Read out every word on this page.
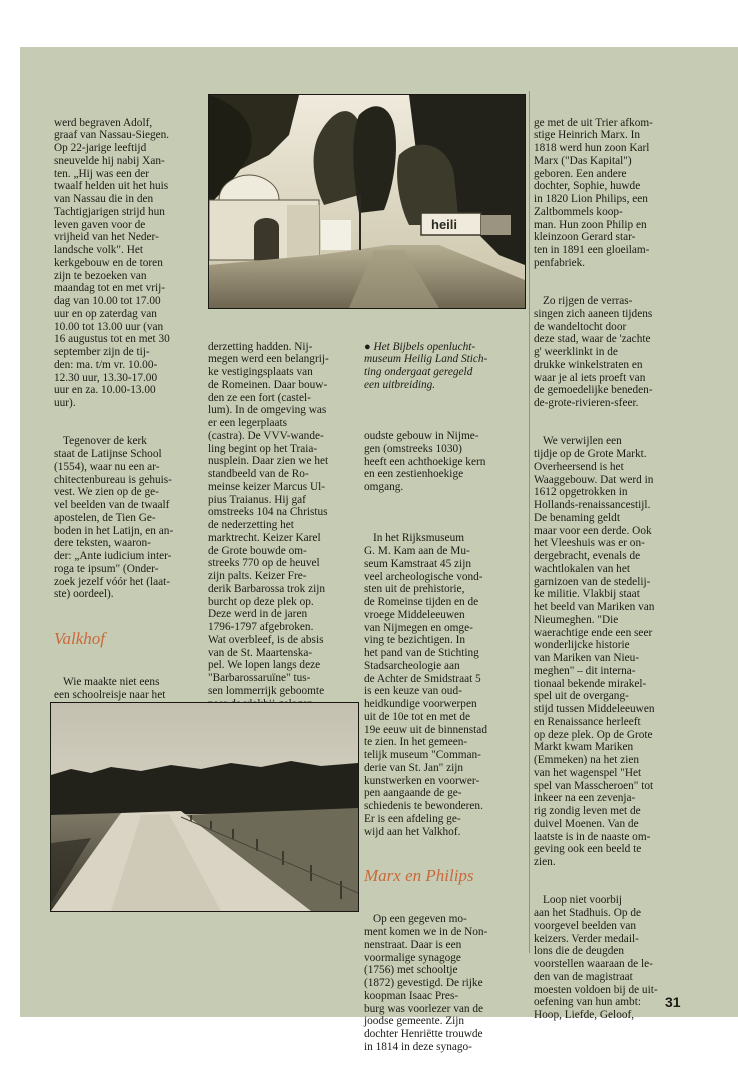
werd begraven Adolf,
graaf van Nassau-Siegen.
Op 22-jarige leeftijd
sneuvelde hij nabij Xan-
ten. „Hij was een der
twaalf helden uit het huis
van Nassau die in den
Tachtigjarigen strijd hun
leven gaven voor de
vrijheid van het Neder-
landsche volk". Het
kerkgebouw en de toren
zijn te bezoeken van
maandag tot en met vrij-
dag van 10.00 tot 17.00
uur en op zaterdag van
10.00 tot 13.00 uur (van
16 augustus tot en met 30
september zijn de tij-
den: ma. t/m vr. 10.00-
12.30 uur, 13.30-17.00
uur en za. 10.00-13.00
uur).

Tegenover de kerk
staat de Latijnse School
(1554), waar nu een ar-
chitectenbureau is gehuis-
vest. We zien op de ge-
vel beelden van de twaalf
apostelen, de Tien Ge-
boden in het Latijn, en an-
dere teksten, waaron-
der: „Ante iudicium inter-
roga te ipsum" (Onder-
zoek jezelf vóór het (laat-
ste) oordeel).

Valkhof

Wie maakte niet eens
een schoolreisje naar het

heili

derzetting hadden. Nij-
megen werd een belangrij-
ke vestigingsplaats van
de Romeinen. Daar bouw-
den ze een fort (castel-
lum). In de omgeving was
er een legerplaats
(castra). De VVV-wande-
ling begint op het Traia-
nusplein. Daar zien we het
standbeeld van de Ro-
meinse keizer Marcus Ul-
pius Traianus. Hij gaf
omstreeks 104 na Christus
de nederzetting het
marktrecht. Keizer Karel
de Grote bouwde om-
streeks 770 op de heuvel
zijn palts. Keizer Fre-
derik Barbarossa trok zijn
burcht op deze plek op.
Deze werd in de jaren
1796-1797 afgebroken.
Wat overbleef, is de absis
van de St. Maartenska-
pel. We lopen langs deze
"Barbarossaruïne" tus-
sen lommerrijk geboomte

● Het Bijbels openlucht-
museum Heilig Land Stich-
ting ondergaat geregeld
een uitbreiding.

oudste gebouw in Nijme-
gen (omstreeks 1030)
heeft een achthoekige kern
en een zestienhoekige
omgang.

In het Rijksmuseum
G. M. Kam aan de Mu-
seum Kamstraat 45 zijn
veel archeologische vond-
sten uit de prehistorie,
de Romeinse tijden en de
vroege Middeleeuwen
van Nijmegen en omge-
ving te bezichtigen. In
het pand van de Stichting
Stadsarcheologie aan
de Achter de Smidstraat 5
is een keuze van oud-
heidkundige voorwerpen
uit de 10e tot en met de
19e eeuw uit de binnenstad
te zien. In het gemeen-
telijk museum "Comman-
derie van St. Jan" zijn
kunstwerken en voorwer-
pen aangaande de ge-
schiedenis te bewonderen.
Er is een afdeling ge-
wijd aan het Valkhof.

Marx en Philips

Op een gegeven mo-
ment komen we in de Non-
nenstraat. Daar is een
voormalige synagoge
(1756) met schooltje
(1872) gevestigd. De rijke
koopman Isaac Pres-
burg was voorlezer van de
joodse gemeente. Zijn
dochter Henriëtte trouwde
in 1814 in deze synago-

ge met de uit Trier afkom-
stige Heinrich Marx. In
1818 werd hun zoon Karl
Marx ("Das Kapital")
geboren. Een andere
dochter, Sophie, huwde
in 1820 Lion Philips, een
Zaltbommels koop-
man. Hun zoon Philip en
kleinzoon Gerard star-
ten in 1891 een gloeilam-
penfabriek.

Zo rijgen de verras-
singen zich aaneen tijdens
de wandeltocht door
deze stad, waar de 'zachte
g' weerklinkt in de
drukke winkelstraten en
waar je al iets proeft van
de gemoedelijke beneden-
de-grote-rivieren-sfeer.

We verwijlen een
tijdje op de Grote Markt.
Overheersend is het
Waaggebouw. Dat werd in
1612 opgetrokken in
Hollands-renaissancestijl.
De benaming geldt
maar voor een derde. Ook
het Vleeshuis was er on-
dergebracht, evenals de
wachtlokalen van het
garnizoen van de stedelij-
ke militie. Vlakbij staat
het beeld van Mariken van
Nieumeghen. "Die
waerachtige ende een seer
wonderlijcke historie
van Mariken van Nieu-
meghen" – dit interna-
tionaal bekende mirakel-
spel uit de overgang-
stijd tussen Middeleeuwen
en Renaissance herleeft
op deze plek. Op de Grote
Markt kwam Mariken
(Emmeken) na het zien
van het wagenspel "Het
spel van Masscheroen" tot
inkeer na een zevenja-
rig zondig leven met de
duivel Moenen. Van de
laatste is in de naaste om-
geving ook een beeld te
zien.

Loop niet voorbij
aan het Stadhuis. Op de
voorgevel beelden van
keizers. Verder medail-
lons die de deugden
voorstellen waaraan de le-
den van de magistraat
moesten voldoen bij de uit-
oefening van hun ambt:
Hoop, Liefde, Geloof,

31
